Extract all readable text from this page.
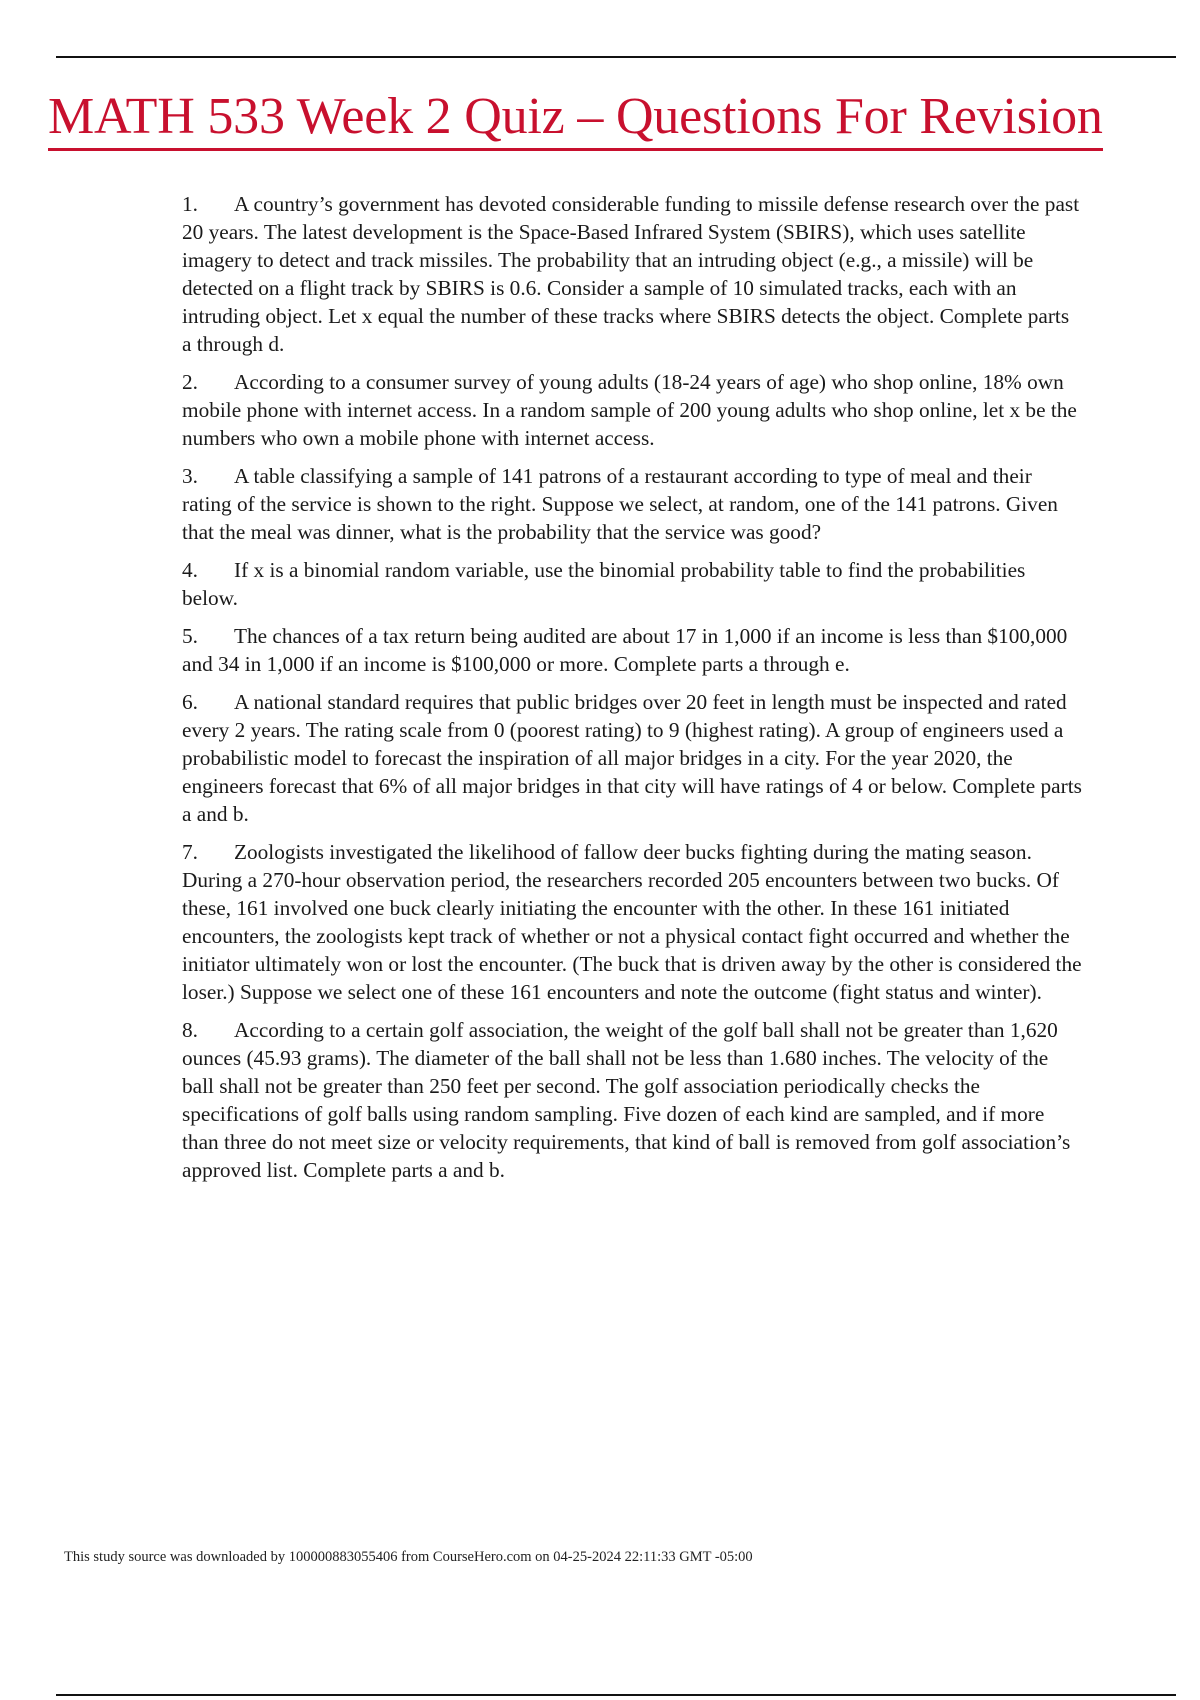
MATH 533 Week 2 Quiz – Questions For Revision
1. A country’s government has devoted considerable funding to missile defense research over the past 20 years. The latest development is the Space-Based Infrared System (SBIRS), which uses satellite imagery to detect and track missiles. The probability that an intruding object (e.g., a missile) will be detected on a flight track by SBIRS is 0.6. Consider a sample of 10 simulated tracks, each with an intruding object. Let x equal the number of these tracks where SBIRS detects the object. Complete parts a through d.
2. According to a consumer survey of young adults (18-24 years of age) who shop online, 18% own mobile phone with internet access. In a random sample of 200 young adults who shop online, let x be the numbers who own a mobile phone with internet access.
3. A table classifying a sample of 141 patrons of a restaurant according to type of meal and their rating of the service is shown to the right. Suppose we select, at random, one of the 141 patrons. Given that the meal was dinner, what is the probability that the service was good?
4. If x is a binomial random variable, use the binomial probability table to find the probabilities below.
5. The chances of a tax return being audited are about 17 in 1,000 if an income is less than $100,000 and 34 in 1,000 if an income is $100,000 or more. Complete parts a through e.
6. A national standard requires that public bridges over 20 feet in length must be inspected and rated every 2 years. The rating scale from 0 (poorest rating) to 9 (highest rating). A group of engineers used a probabilistic model to forecast the inspiration of all major bridges in a city. For the year 2020, the engineers forecast that 6% of all major bridges in that city will have ratings of 4 or below. Complete parts a and b.
7. Zoologists investigated the likelihood of fallow deer bucks fighting during the mating season. During a 270-hour observation period, the researchers recorded 205 encounters between two bucks. Of these, 161 involved one buck clearly initiating the encounter with the other. In these 161 initiated encounters, the zoologists kept track of whether or not a physical contact fight occurred and whether the initiator ultimately won or lost the encounter. (The buck that is driven away by the other is considered the loser.) Suppose we select one of these 161 encounters and note the outcome (fight status and winter).
8. According to a certain golf association, the weight of the golf ball shall not be greater than 1,620 ounces (45.93 grams). The diameter of the ball shall not be less than 1.680 inches. The velocity of the ball shall not be greater than 250 feet per second. The golf association periodically checks the specifications of golf balls using random sampling. Five dozen of each kind are sampled, and if more than three do not meet size or velocity requirements, that kind of ball is removed from golf association’s approved list. Complete parts a and b.
This study source was downloaded by 100000883055406 from CourseHero.com on 04-25-2024 22:11:33 GMT -05:00
